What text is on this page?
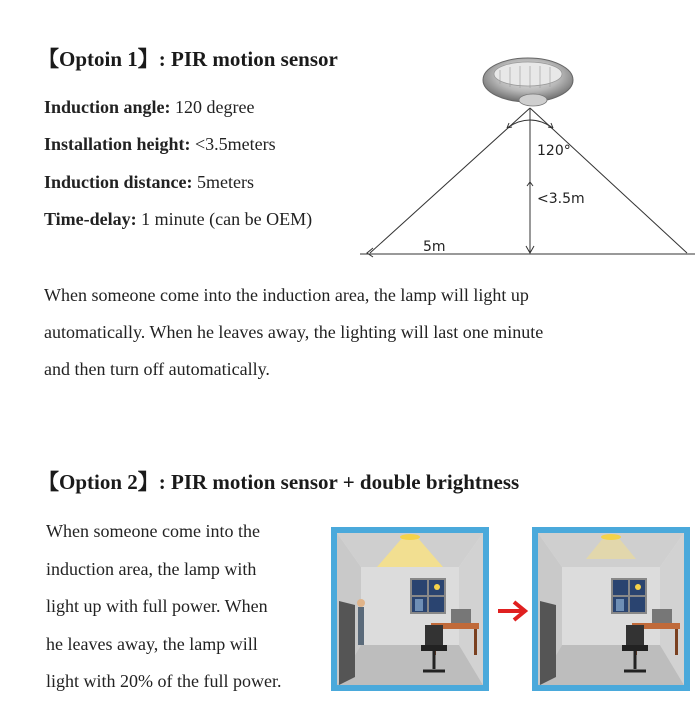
【Optoin 1】: PIR motion sensor
Induction angle: 120 degree
Installation height: <3.5meters
Induction distance: 5meters
Time-delay: 1 minute (can be OEM)
120°
<3.5m
5m
When someone come into the induction area, the lamp will light up
automatically. When he leaves away, the lighting will last one minute
and then turn off automatically.
【Option 2】: PIR motion sensor + double brightness
When someone come into the
induction area, the lamp with
light up with full power. When
he leaves away, the lamp will
light with 20% of the full power.
